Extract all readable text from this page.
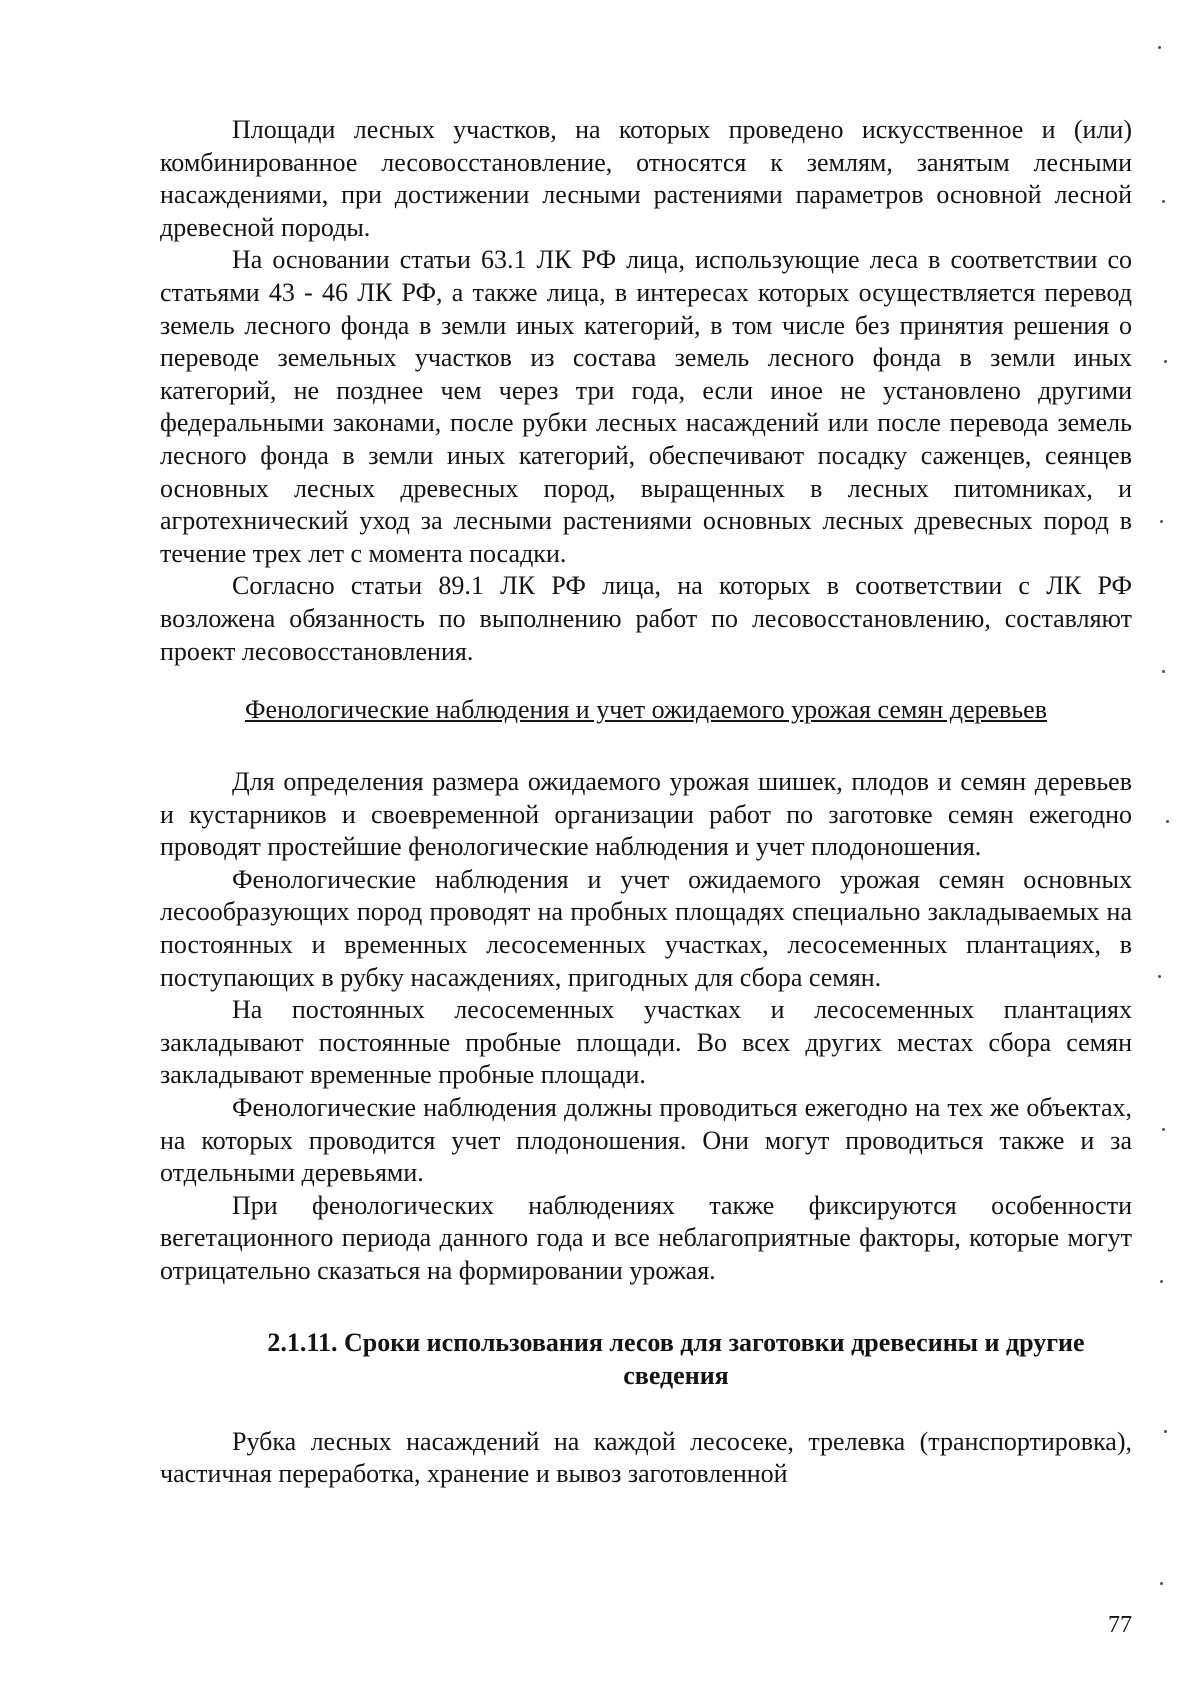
Площади лесных участков, на которых проведено искусственное и (или) комбинированное лесовосстановление, относятся к землям, занятым лесными насаждениями, при достижении лесными растениями параметров основной лесной древесной породы.

На основании статьи 63.1 ЛК РФ лица, использующие леса в соответствии со статьями 43 - 46 ЛК РФ, а также лица, в интересах которых осуществляется перевод земель лесного фонда в земли иных категорий, в том числе без принятия решения о переводе земельных участков из состава земель лесного фонда в земли иных категорий, не позднее чем через три года, если иное не установлено другими федеральными законами, после рубки лесных насаждений или после перевода земель лесного фонда в земли иных категорий, обеспечивают посадку саженцев, сеянцев основных лесных древесных пород, выращенных в лесных питомниках, и агротехнический уход за лесными растениями основных лесных древесных пород в течение трех лет с момента посадки.

Согласно статьи 89.1 ЛК РФ лица, на которых в соответствии с ЛК РФ возложена обязанность по выполнению работ по лесовосстановлению, составляют проект лесовосстановления.

Фенологические наблюдения и учет ожидаемого урожая семян деревьев

Для определения размера ожидаемого урожая шишек, плодов и семян деревьев и кустарников и своевременной организации работ по заготовке семян ежегодно проводят простейшие фенологические наблюдения и учет плодоношения.

Фенологические наблюдения и учет ожидаемого урожая семян основных лесообразующих пород проводят на пробных площадях специально закладываемых на постоянных и временных лесосеменных участках, лесосеменных плантациях, в поступающих в рубку насаждениях, пригодных для сбора семян.

На постоянных лесосеменных участках и лесосеменных плантациях закладывают постоянные пробные площади. Во всех других местах сбора семян закладывают временные пробные площади.

Фенологические наблюдения должны проводиться ежегодно на тех же объектах, на которых проводится учет плодоношения. Они могут проводиться также и за отдельными деревьями.

При фенологических наблюдениях также фиксируются особенности вегетационного периода данного года и все неблагоприятные факторы, которые могут отрицательно сказаться на формировании урожая.

2.1.11. Сроки использования лесов для заготовки древесины и другие сведения

Рубка лесных насаждений на каждой лесосеке, трелевка (транспортировка), частичная переработка, хранение и вывоз заготовленной

77
